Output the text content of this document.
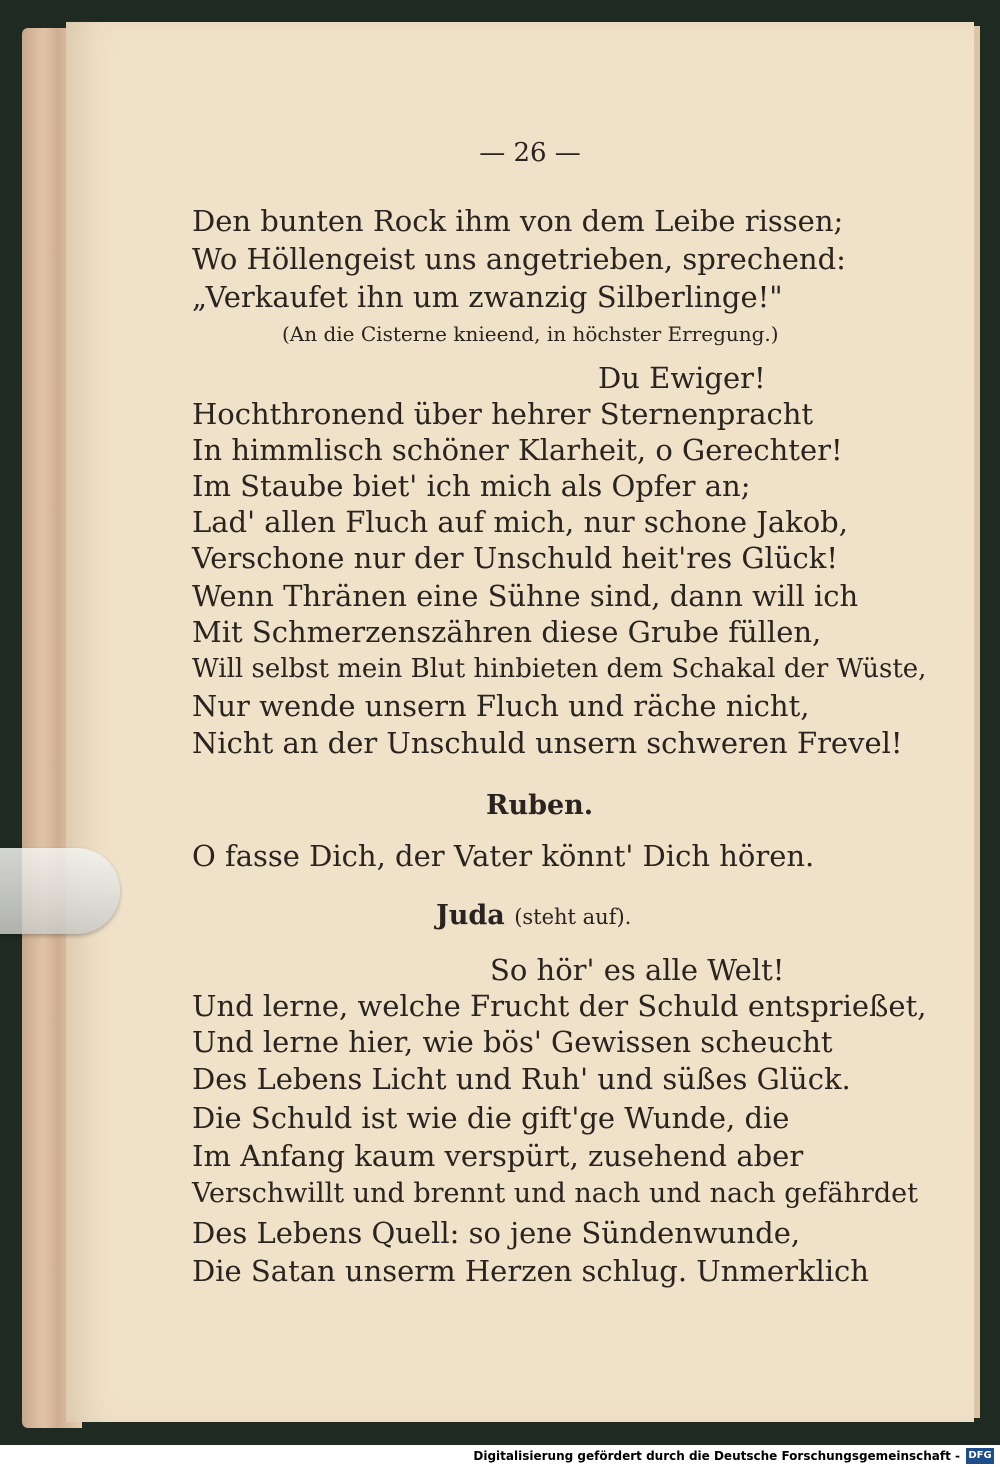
— 26 —
Den bunten Rock ihm von dem Leibe rissen;
Wo Höllengeist uns angetrieben, sprechend:
„Verkaufet ihn um zwanzig Silberlinge!"
(An die Cisterne knieend, in höchster Erregung.)
Du Ewiger!
Hochthronend über hehrer Sternenpracht
In himmlisch schöner Klarheit, o Gerechter!
Im Staube biet' ich mich als Opfer an;
Lad' allen Fluch auf mich, nur schone Jakob,
Verschone nur der Unschuld heit'res Glück!
Wenn Thränen eine Sühne sind, dann will ich
Mit Schmerzenszähren diese Grube füllen,
Will selbst mein Blut hinbieten dem Schakal der Wüste,
Nur wende unsern Fluch und räche nicht,
Nicht an der Unschuld unsern schweren Frevel!
Ruben.
O fasse Dich, der Vater könnt' Dich hören.
Juda (steht auf).
So hör' es alle Welt!
Und lerne, welche Frucht der Schuld entsprießet,
Und lerne hier, wie bös' Gewissen scheucht
Des Lebens Licht und Ruh' und süßes Glück.
Die Schuld ist wie die gift'ge Wunde, die
Im Anfang kaum verspürt, zusehend aber
Verschwillt und brennt und nach und nach gefährdet
Des Lebens Quell: so jene Sündenwunde,
Die Satan unserm Herzen schlug. Unmerklich
Digitalisierung gefördert durch die Deutsche Forschungsgemeinschaft - DFG
